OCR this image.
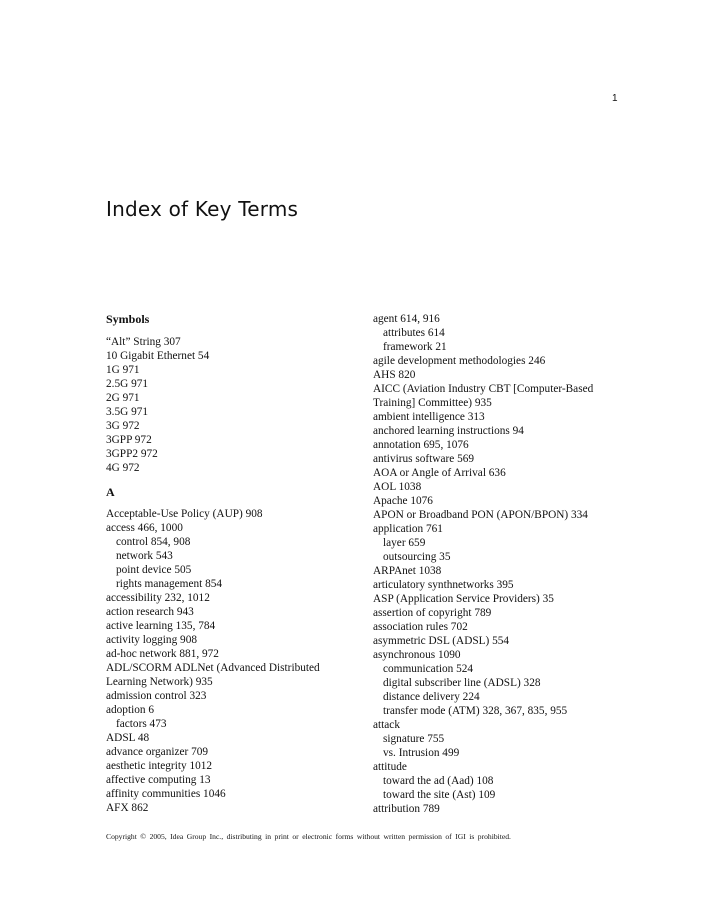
1
Index of Key Terms
Symbols
“Alt” String 307
10 Gigabit Ethernet 54
1G 971
2.5G 971
2G 971
3.5G 971
3G 972
3GPP 972
3GPP2 972
4G 972
A
Acceptable-Use Policy (AUP) 908
access 466, 1000
control 854, 908
network 543
point device 505
rights management 854
accessibility 232, 1012
action research 943
active learning 135, 784
activity logging 908
ad-hoc network 881, 972
ADL/SCORM ADLNet (Advanced Distributed
Learning Network) 935
admission control 323
adoption 6
factors 473
ADSL 48
advance organizer 709
aesthetic integrity 1012
affective computing 13
affinity communities 1046
AFX 862
agent 614, 916
attributes 614
framework 21
agile development methodologies 246
AHS 820
AICC (Aviation Industry CBT [Computer-Based
Training] Committee) 935
ambient intelligence 313
anchored learning instructions 94
annotation 695, 1076
antivirus software 569
AOA or Angle of Arrival 636
AOL 1038
Apache 1076
APON or Broadband PON (APON/BPON) 334
application 761
layer 659
outsourcing 35
ARPAnet 1038
articulatory synthnetworks 395
ASP (Application Service Providers) 35
assertion of copyright 789
association rules 702
asymmetric DSL (ADSL) 554
asynchronous 1090
communication 524
digital subscriber line (ADSL) 328
distance delivery 224
transfer mode (ATM) 328, 367, 835, 955
attack
signature 755
vs. Intrusion 499
attitude
toward the ad (Aad) 108
toward the site (Ast) 109
attribution 789
Copyright © 2005, Idea Group Inc., distributing in print or electronic forms without written permission of IGI is prohibited.
